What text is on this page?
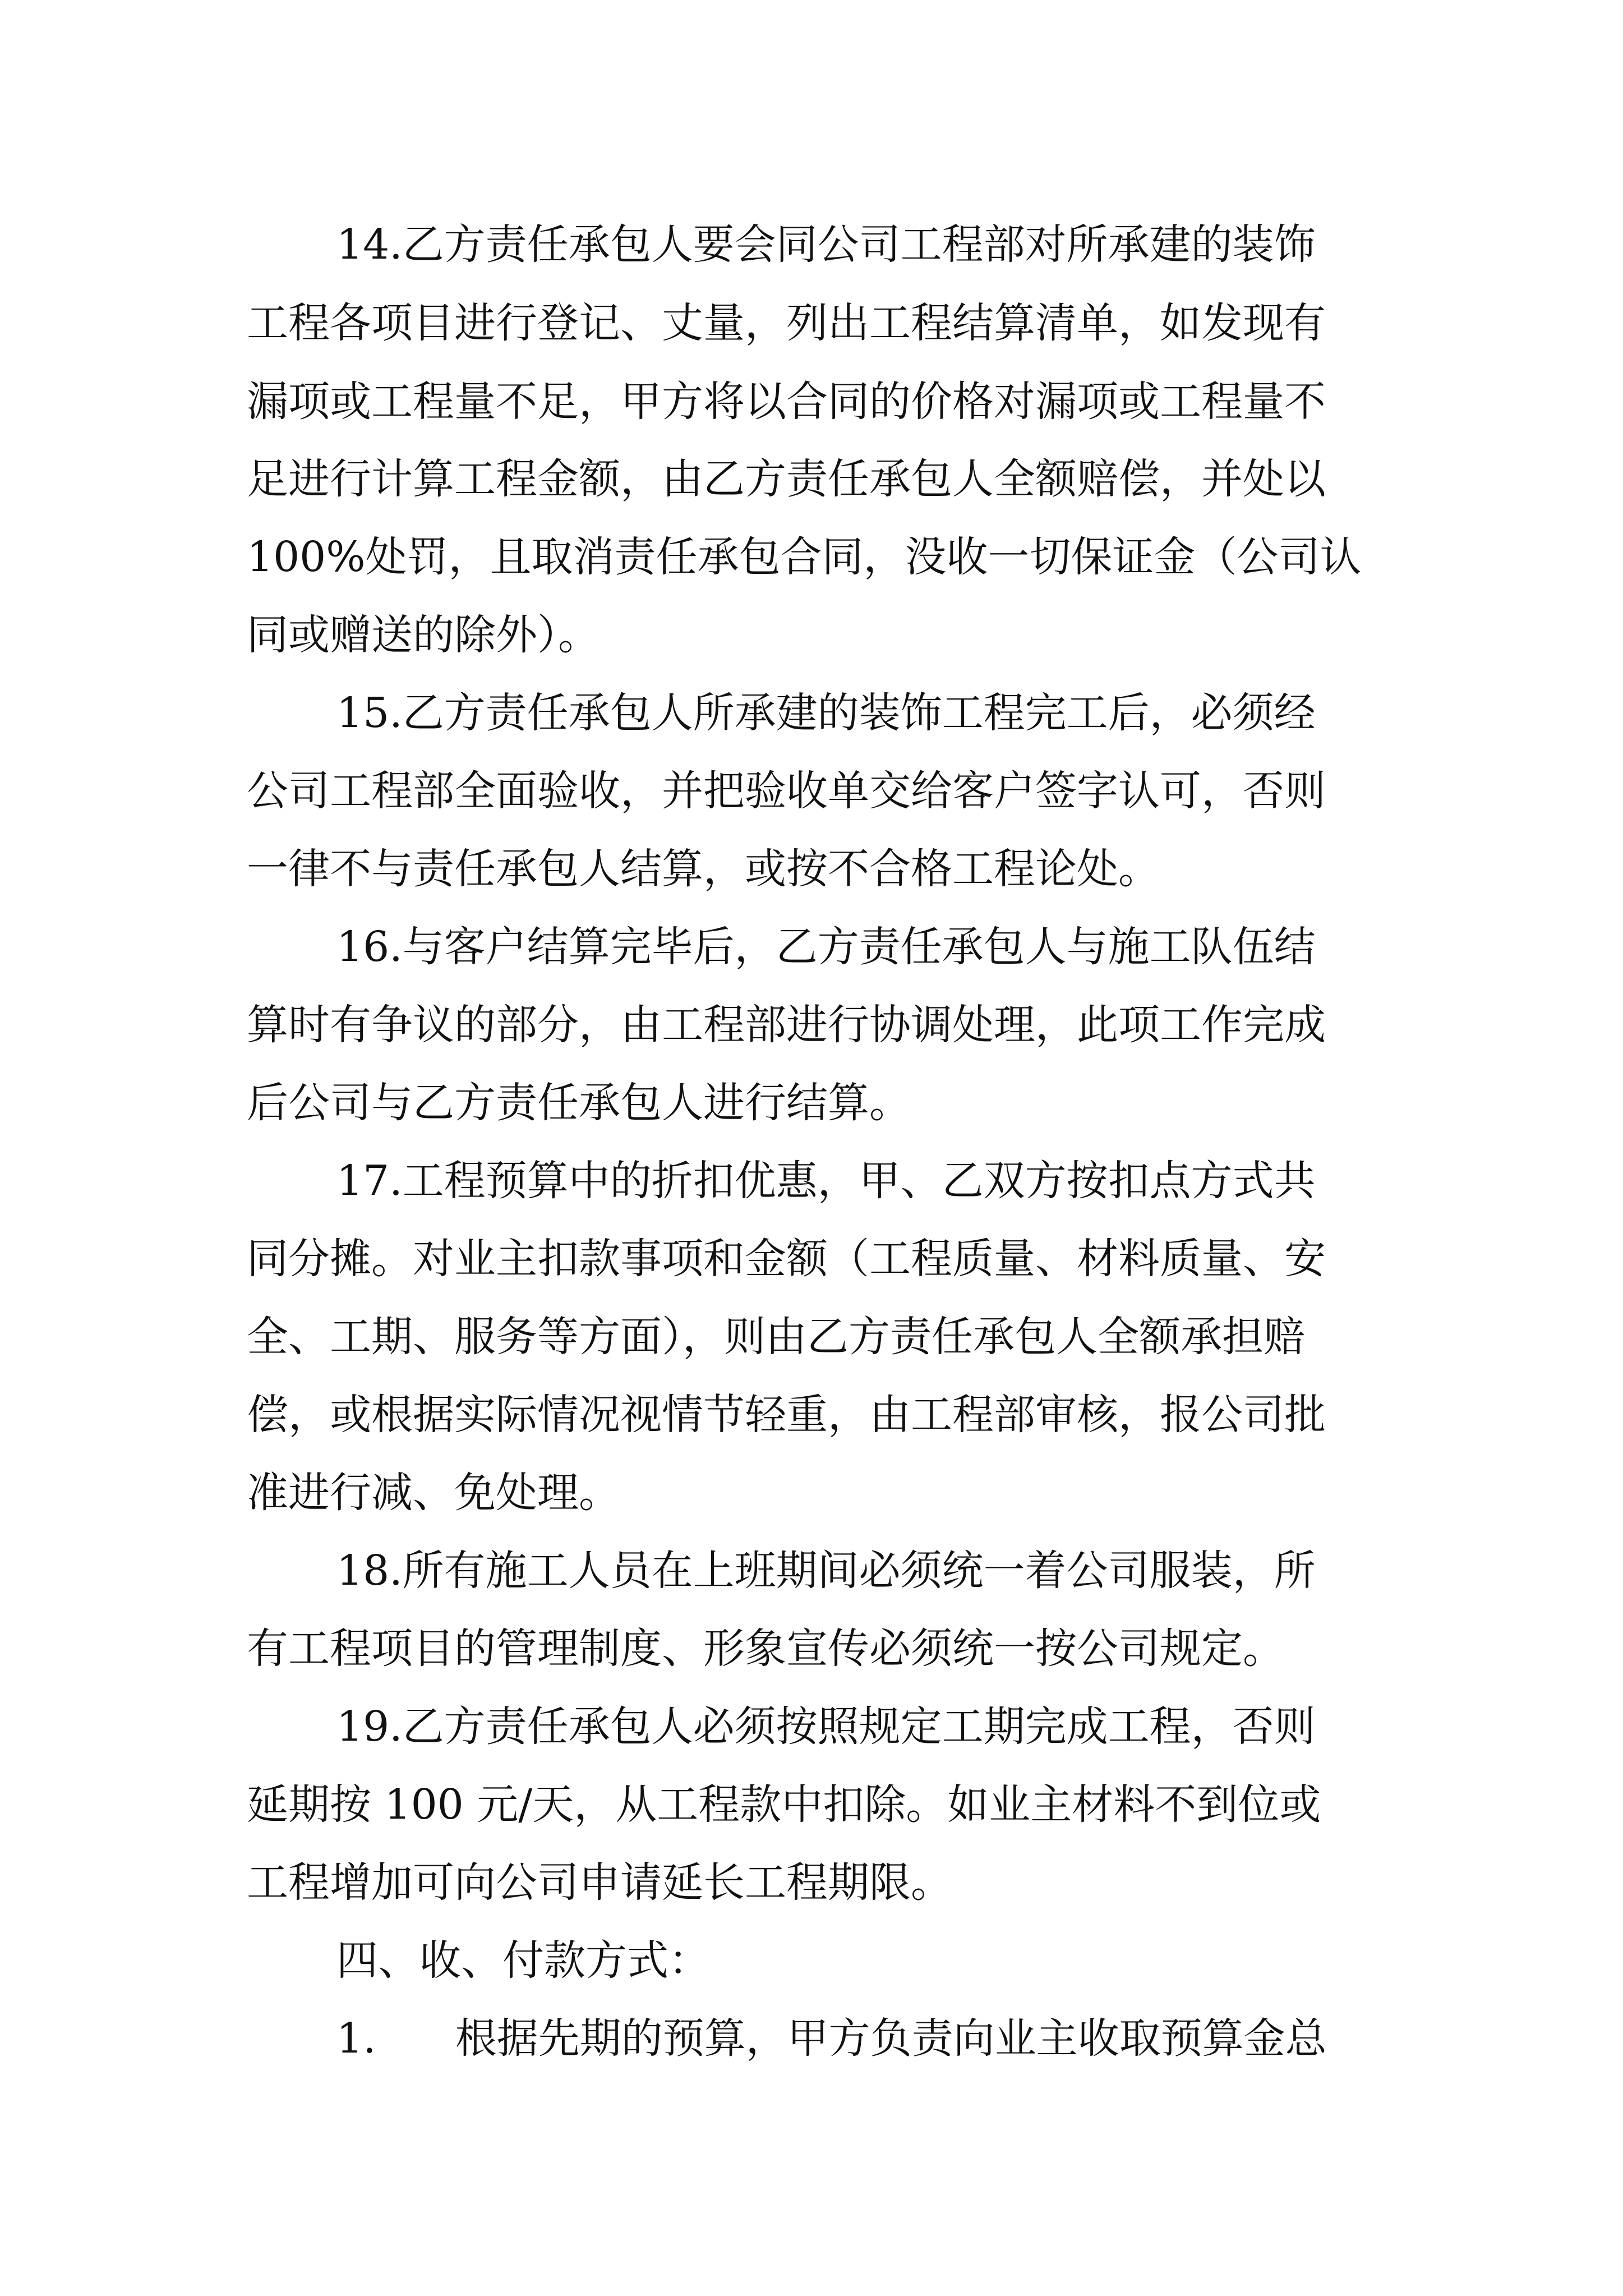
14.乙方责任承包人要会同公司工程部对所承建的装饰

工程各项目进行登记、丈量，列出工程结算清单，如发现有

漏项或工程量不足，甲方将以合同的价格对漏项或工程量不

足进行计算工程金额，由乙方责任承包人全额赔偿，并处以

100%处罚，且取消责任承包合同，没收一切保证金（公司认

同或赠送的除外）。

15.乙方责任承包人所承建的装饰工程完工后，必须经

公司工程部全面验收，并把验收单交给客户签字认可，否则

一律不与责任承包人结算，或按不合格工程论处。

16.与客户结算完毕后，乙方责任承包人与施工队伍结

算时有争议的部分，由工程部进行协调处理，此项工作完成

后公司与乙方责任承包人进行结算。

17.工程预算中的折扣优惠，甲、乙双方按扣点方式共

同分摊。对业主扣款事项和金额（工程质量、材料质量、安

全、工期、服务等方面），则由乙方责任承包人全额承担赔

偿，或根据实际情况视情节轻重，由工程部审核，报公司批

准进行减、免处理。

18.所有施工人员在上班期间必须统一着公司服装，所

有工程项目的管理制度、形象宣传必须统一按公司规定。

19.乙方责任承包人必须按照规定工期完成工程，否则

延期按 100 元/天，从工程款中扣除。如业主材料不到位或

工程增加可向公司申请延长工程期限。

四、收、付款方式：

1.      根据先期的预算，甲方负责向业主收取预算金总
